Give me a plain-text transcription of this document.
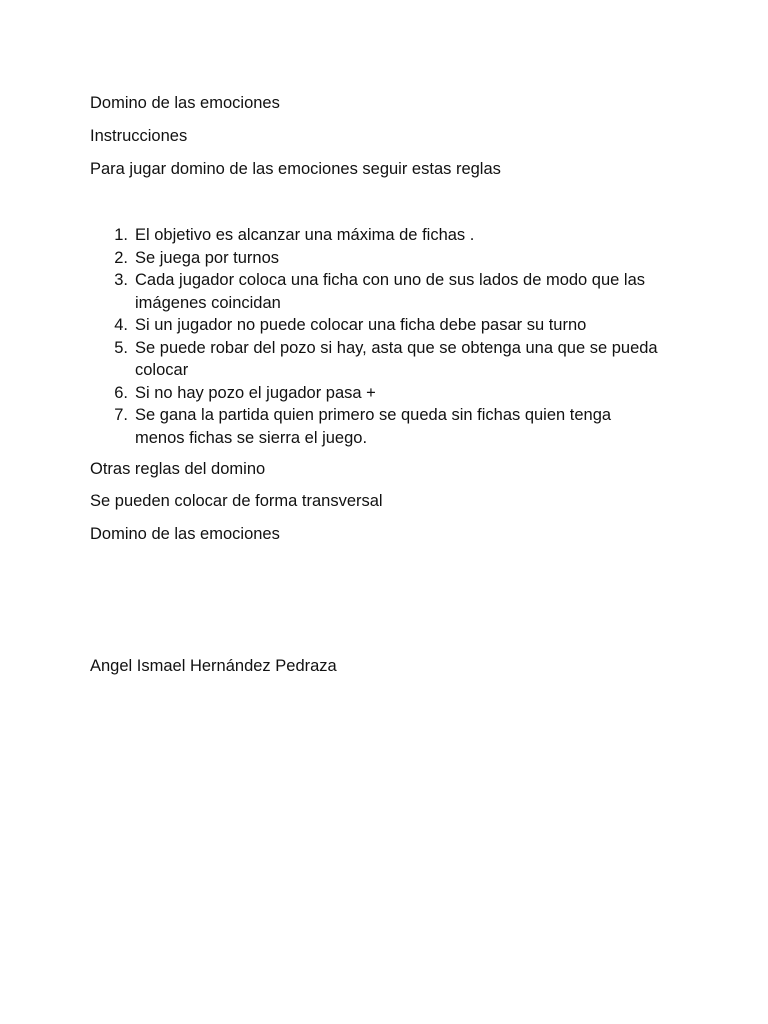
Domino de las emociones

Instrucciones

Para jugar domino de las emociones seguir estas reglas

1. El objetivo es alcanzar una máxima de fichas .
2. Se juega por turnos
3. Cada jugador coloca una ficha con uno de sus lados de modo que las imágenes coincidan
4. Si un jugador no puede colocar una ficha debe pasar su turno
5. Se puede robar del pozo si hay, asta que se obtenga una que se pueda colocar
6. Si no hay pozo el jugador pasa +
7. Se gana la partida quien primero se queda sin fichas quien tenga menos fichas se sierra el juego.

Otras reglas del domino

Se pueden colocar de forma transversal

Domino de las emociones

Angel Ismael Hernández Pedraza
